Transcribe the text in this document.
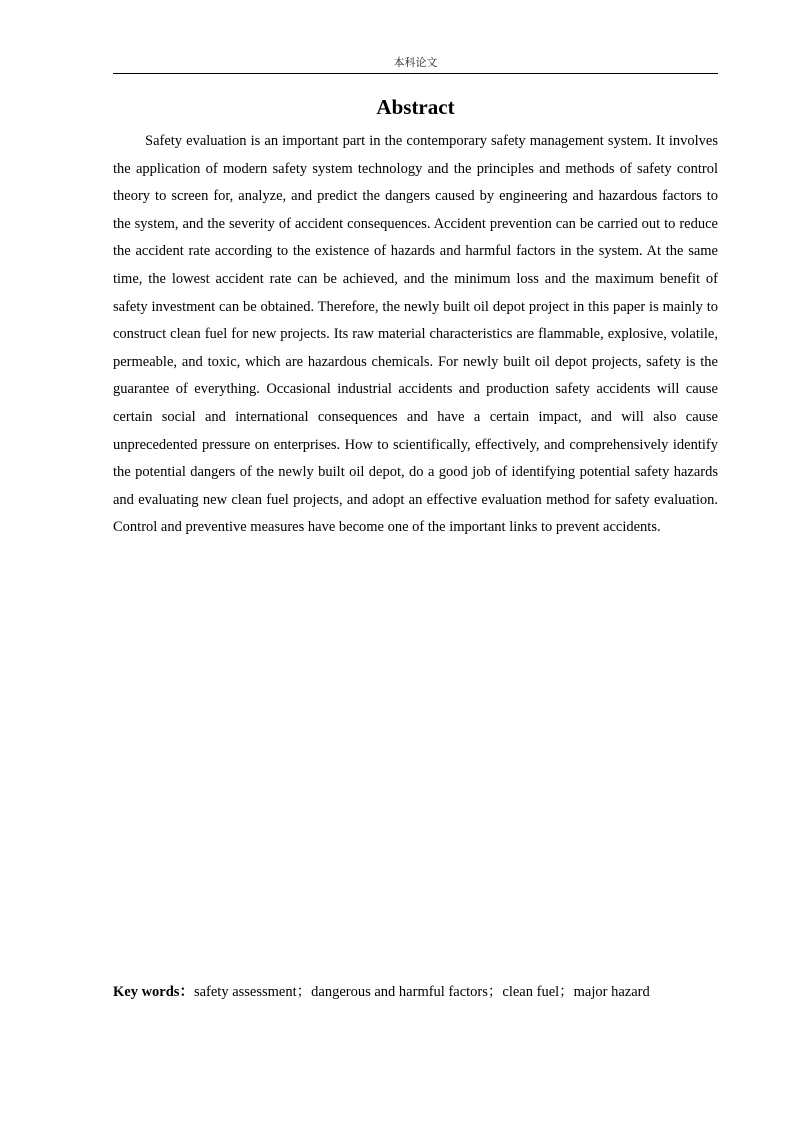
本科论文
Abstract

Safety evaluation is an important part in the contemporary safety management system. It involves the application of modern safety system technology and the principles and methods of safety control theory to screen for, analyze, and predict the dangers caused by engineering and hazardous factors to the system, and the severity of accident consequences. Accident prevention can be carried out to reduce the accident rate according to the existence of hazards and harmful factors in the system. At the same time, the lowest accident rate can be achieved, and the minimum loss and the maximum benefit of safety investment can be obtained. Therefore, the newly built oil depot project in this paper is mainly to construct clean fuel for new projects. Its raw material characteristics are flammable, explosive, volatile, permeable, and toxic, which are hazardous chemicals. For newly built oil depot projects, safety is the guarantee of everything. Occasional industrial accidents and production safety accidents will cause certain social and international consequences and have a certain impact, and will also cause unprecedented pressure on enterprises. How to scientifically, effectively, and comprehensively identify the potential dangers of the newly built oil depot, do a good job of identifying potential safety hazards and evaluating new clean fuel projects, and adopt an effective evaluation method for safety evaluation. Control and preventive measures have become one of the important links to prevent accidents.

Key words：safety assessment；dangerous and harmful factors；clean fuel；major hazard
